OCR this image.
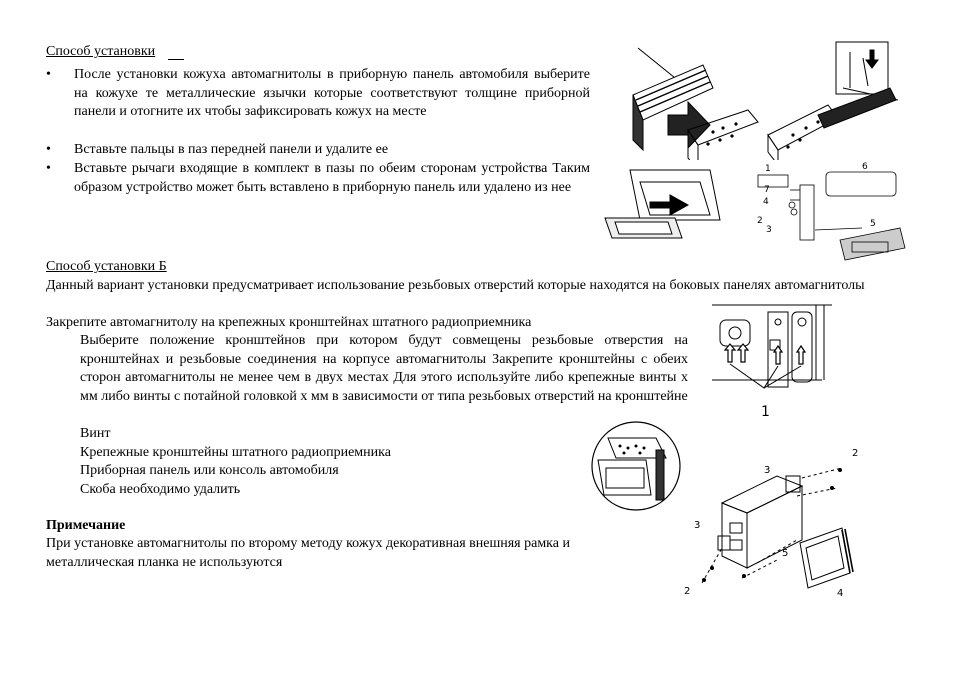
Способ установки
• После установки кожуха автомагнитолы в приборную панель автомобиля выберите на кожухе те металлические язычки которые соответствуют толщине приборной панели и отогните их чтобы зафиксировать кожух на месте
• Вставьте пальцы в паз передней панели и удалите ее
• Вставьте рычаги входящие в комплект в пазы по обеим сторонам устройства Таким образом устройство может быть вставлено в приборную панель или удалено из нее
Способ установки Б
Данный вариант установки предусматривает использование резьбовых отверстий которые находятся на боковых панелях автомагнитолы
Закрепите автомагнитолу на крепежных кронштейнах штатного радиоприемника
Выберите положение кронштейнов при котором будут совмещены резьбовые отверстия на кронштейнах и резьбовые соединения на корпусе автомагнитолы Закрепите кронштейны с обеих сторон автомагнитолы не менее чем в двух местах Для этого используйте либо крепежные винты х мм либо винты с потайной головкой х мм в зависимости от типа резьбовых отверстий на кронштейне
Винт
Крепежные кронштейны штатного радиоприемника
Приборная панель или консоль автомобиля
Скоба необходимо удалить
Примечание
При установке автомагнитолы по второму методу кожух декоративная внешняя рамка и металлическая планка не используются
1	6
7
4
2
3
5
1
3
2
3
5
2	4
